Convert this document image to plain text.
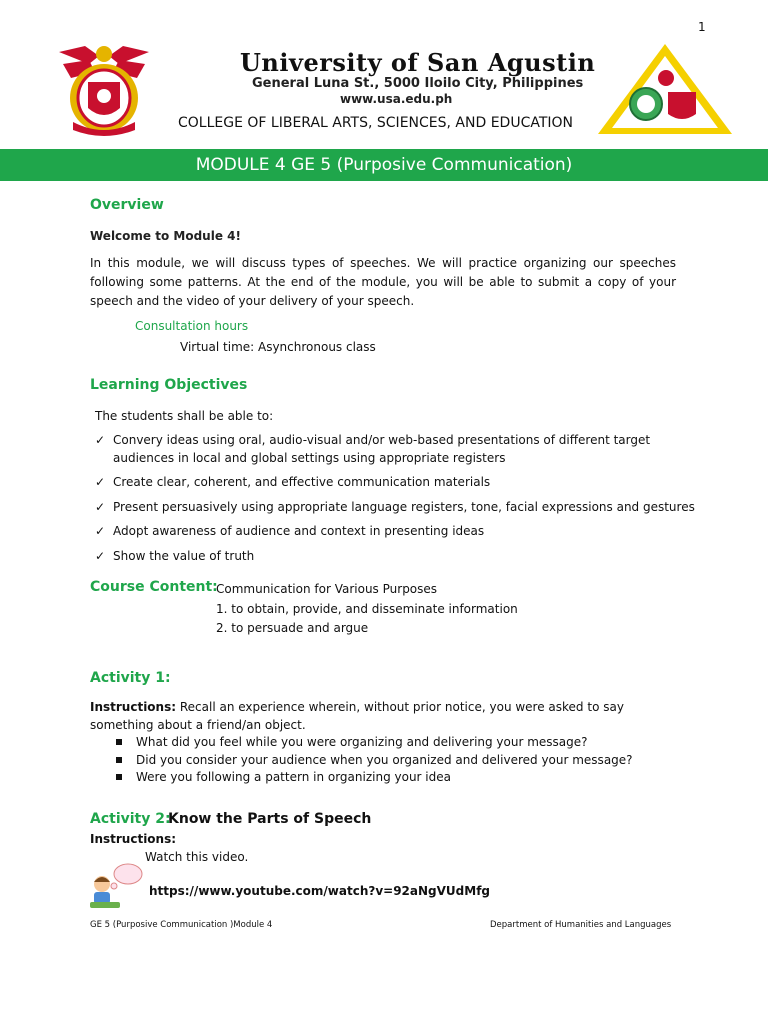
1
University of San Agustin
General Luna St., 5000 Iloilo City, Philippines
www.usa.edu.ph
COLLEGE OF LIBERAL ARTS, SCIENCES, AND EDUCATION
MODULE 4 GE 5 (Purposive Communication)
Overview
Welcome to Module 4!
In this module, we will discuss types of speeches. We will practice organizing our speeches following some patterns. At the end of the module, you will be able to submit a copy of your speech and the video of your delivery of your speech.
Consultation hours
Virtual time: Asynchronous class
Learning Objectives
The students shall be able to:
✓ Convery ideas using oral, audio-visual and/or web-based presentations of different target audiences in local and global settings using appropriate registers
✓ Create clear, coherent, and effective communication materials
✓ Present persuasively using appropriate language registers, tone, facial expressions and gestures
✓ Adopt awareness of audience and context in presenting ideas
✓ Show the value of truth
Course Content:
Communication for Various Purposes
1. to obtain, provide, and disseminate information
2. to persuade and argue
Activity 1:
Instructions: Recall an experience wherein, without prior notice, you were asked to say something about a friend/an object.
What did you feel while you were organizing and delivering your message?
Did you consider your audience when you organized and delivered your message?
Were you following a pattern in organizing your idea
Activity 2:
Know the Parts of Speech
Instructions:
Watch this video.
https://www.youtube.com/watch?v=92aNgVUdMfg
GE 5 (Purposive Communication )Module 4	Department of Humanities and Languages
